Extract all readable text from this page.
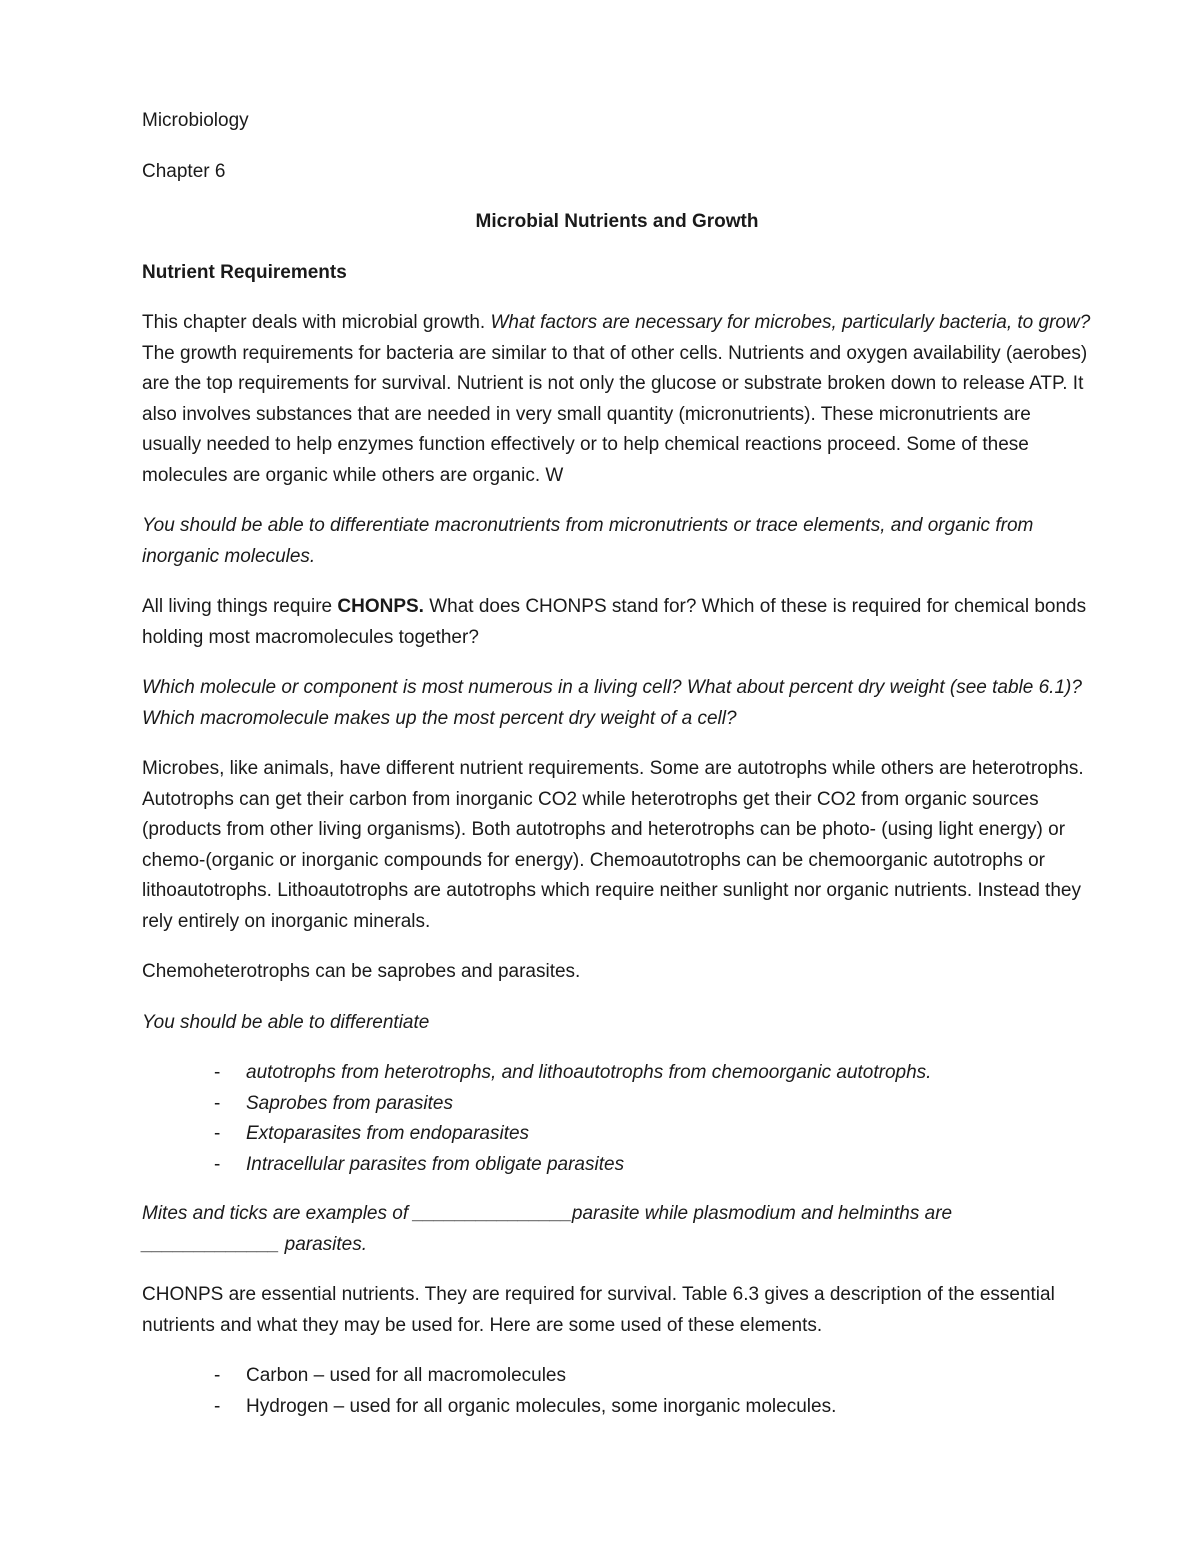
Microbiology

Chapter 6

Microbial Nutrients and Growth

Nutrient Requirements

This chapter deals with microbial growth. What factors are necessary for microbes, particularly bacteria, to grow? The growth requirements for bacteria are similar to that of other cells. Nutrients and oxygen availability (aerobes) are the top requirements for survival. Nutrient is not only the glucose or substrate broken down to release ATP. It also involves substances that are needed in very small quantity (micronutrients). These micronutrients are usually needed to help enzymes function effectively or to help chemical reactions proceed. Some of these molecules are organic while others are organic. W

You should be able to differentiate macronutrients from micronutrients or trace elements, and organic from inorganic molecules.

All living things require CHONPS. What does CHONPS stand for? Which of these is required for chemical bonds holding most macromolecules together?

Which molecule or component is most numerous in a living cell? What about percent dry weight (see table 6.1)? Which macromolecule makes up the most percent dry weight of a cell?

Microbes, like animals, have different nutrient requirements. Some are autotrophs while others are heterotrophs. Autotrophs can get their carbon from inorganic CO2 while heterotrophs get their CO2 from organic sources (products from other living organisms). Both autotrophs and heterotrophs can be photo- (using light energy) or chemo-(organic or inorganic compounds for energy). Chemoautotrophs can be chemoorganic autotrophs or lithoautotrophs. Lithoautotrophs are autotrophs which require neither sunlight nor organic nutrients. Instead they rely entirely on inorganic minerals.

Chemoheterotrophs can be saprobes and parasites.

You should be able to differentiate

- autotrophs from heterotrophs, and lithoautotrophs from chemoorganic autotrophs.
- Saprobes from parasites
- Extoparasites from endoparasites
- Intracellular parasites from obligate parasites

Mites and ticks are examples of _______________parasite while plasmodium and helminths are
_____________ parasites.

CHONPS are essential nutrients. They are required for survival. Table 6.3 gives a description of the essential nutrients and what they may be used for. Here are some used of these elements.

- Carbon – used for all macromolecules
- Hydrogen – used for all organic molecules, some inorganic molecules.
